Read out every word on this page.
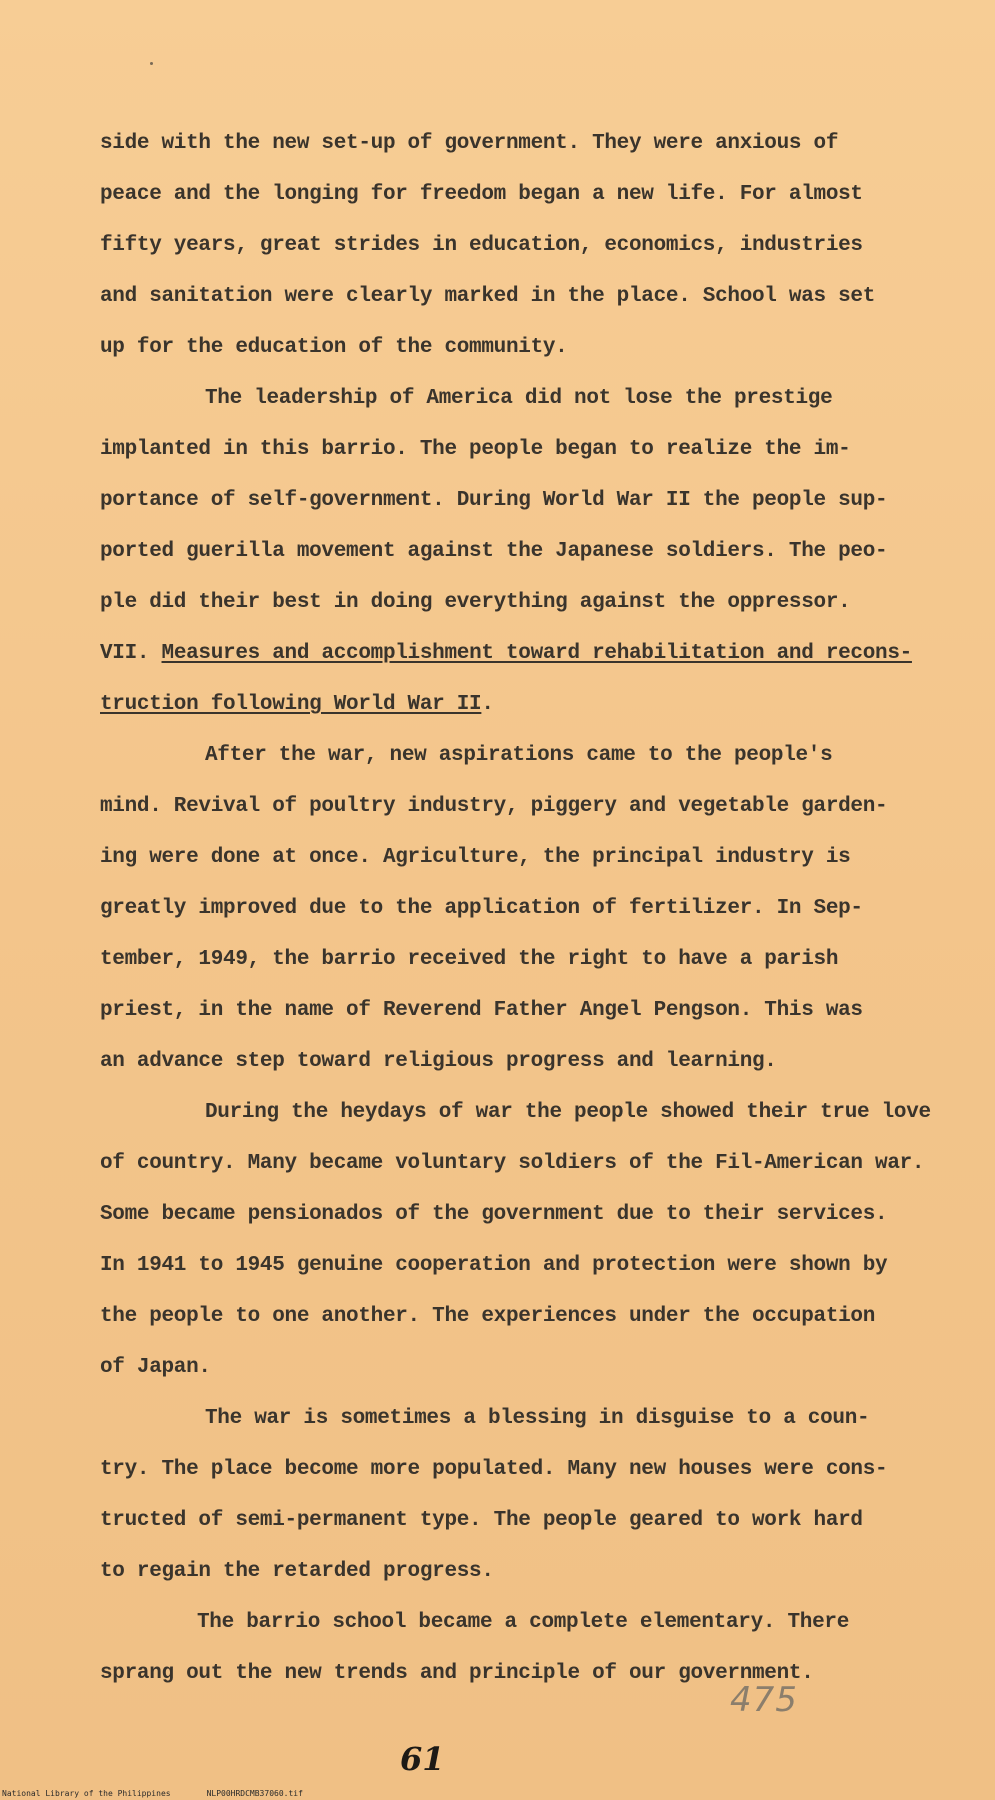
side with the new set-up of government. They were anxious of
peace and the longing for freedom began a new life. For almost
fifty years, great strides in education, economics, industries
and sanitation were clearly marked in the place. School was set
up for the education of the community.
The leadership of America did not lose the prestige
implanted in this barrio. The people began to realize the im-
portance of self-government. During World War II the people sup-
ported guerilla movement against the Japanese soldiers. The peo-
ple did their best in doing everything against the oppressor.
VII. Measures and accomplishment toward rehabilitation and recons-
truction following World War II.
After the war, new aspirations came to the people's
mind. Revival of poultry industry, piggery and vegetable garden-
ing were done at once. Agriculture, the principal industry is
greatly improved due to the application of fertilizer. In Sep-
tember, 1949, the barrio received the right to have a parish
priest, in the name of Reverend Father Angel Pengson. This was
an advance step toward religious progress and learning.
During the heydays of war the people showed their true love
of country. Many became voluntary soldiers of the Fil-American war.
Some became pensionados of the government due to their services.
In 1941 to 1945 genuine cooperation and protection were shown by
the people to one another. The experiences under the occupation
of Japan.
The war is sometimes a blessing in disguise to a coun-
try. The place become more populated. Many new houses were cons-
tructed of semi-permanent type. The people geared to work hard
to regain the retarded progress.
The barrio school became a complete elementary. There
sprang out the new trends and principle of our government.
475
61
National Library of the Philippines	NLP00HRDCMB37060.tif
